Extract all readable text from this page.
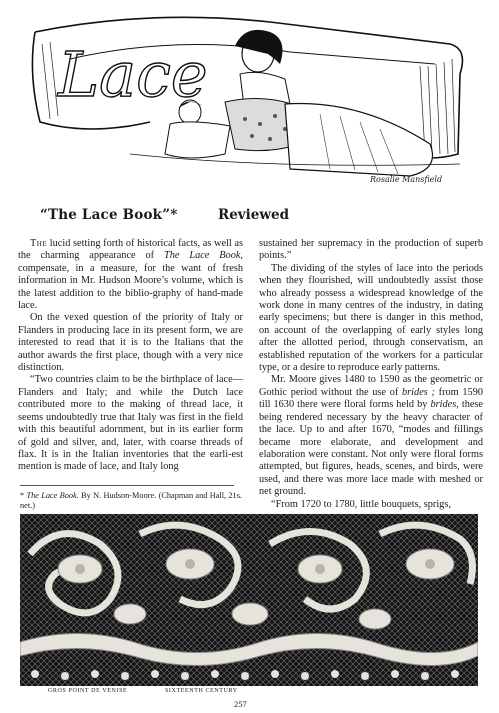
Lace
Rosalie Mansfield
“The Lace Book”*	Reviewed

The lucid setting forth of historical facts, as well as the charming appearance of The Lace Book, compensate, in a measure, for the want of fresh information in Mr. Hudson Moore’s volume, which is the latest addition to the biblio-graphy of hand-made lace.

On the vexed question of the priority of Italy or Flanders in producing lace in its present form, we are interested to read that it is to the Italians that the author awards the first place, though with a very nice distinction.

“Two countries claim to be the birthplace of lace—Flanders and Italy; and while the Dutch lace contributed more to the making of thread lace, it seems undoubtedly true that Italy was first in the field with this beautiful adornment, but in its earlier form of gold and silver, and, later, with coarse threads of flax. It is in the Italian inventories that the earli-est mention is made of lace, and Italy long

sustained her supremacy in the production of superb points.”

The dividing of the styles of lace into the periods when they flourished, will undoubtedly assist those who already possess a widespread knowledge of the work done in many centres of the industry, in dating early specimens; but there is danger in this method, on account of the overlapping of early styles long after the allotted period, through conservatism, an established reputation of the workers for a particular type, or a desire to reproduce early patterns.

Mr. Moore gives 1480 to 1590 as the geometric or Gothic period without the use of brides ; from 1590 till 1630 there were floral forms held by brides, these being rendered necessary by the heavy character of the lace. Up to and after 1670, “modes and fillings became more elaborate, and development and elaboration were constant. Not only were floral forms attempted, but figures, heads, scenes, and birds, were used, and there was more lace made with meshed or net ground.

“From 1720 to 1780, little bouquets, sprigs,

* The Lace Book. By N. Hudson-Moore. (Chapman and Hall, 21s. net.)
GROS POINT DE VENISE	SIXTEENTH CENTURY
257
